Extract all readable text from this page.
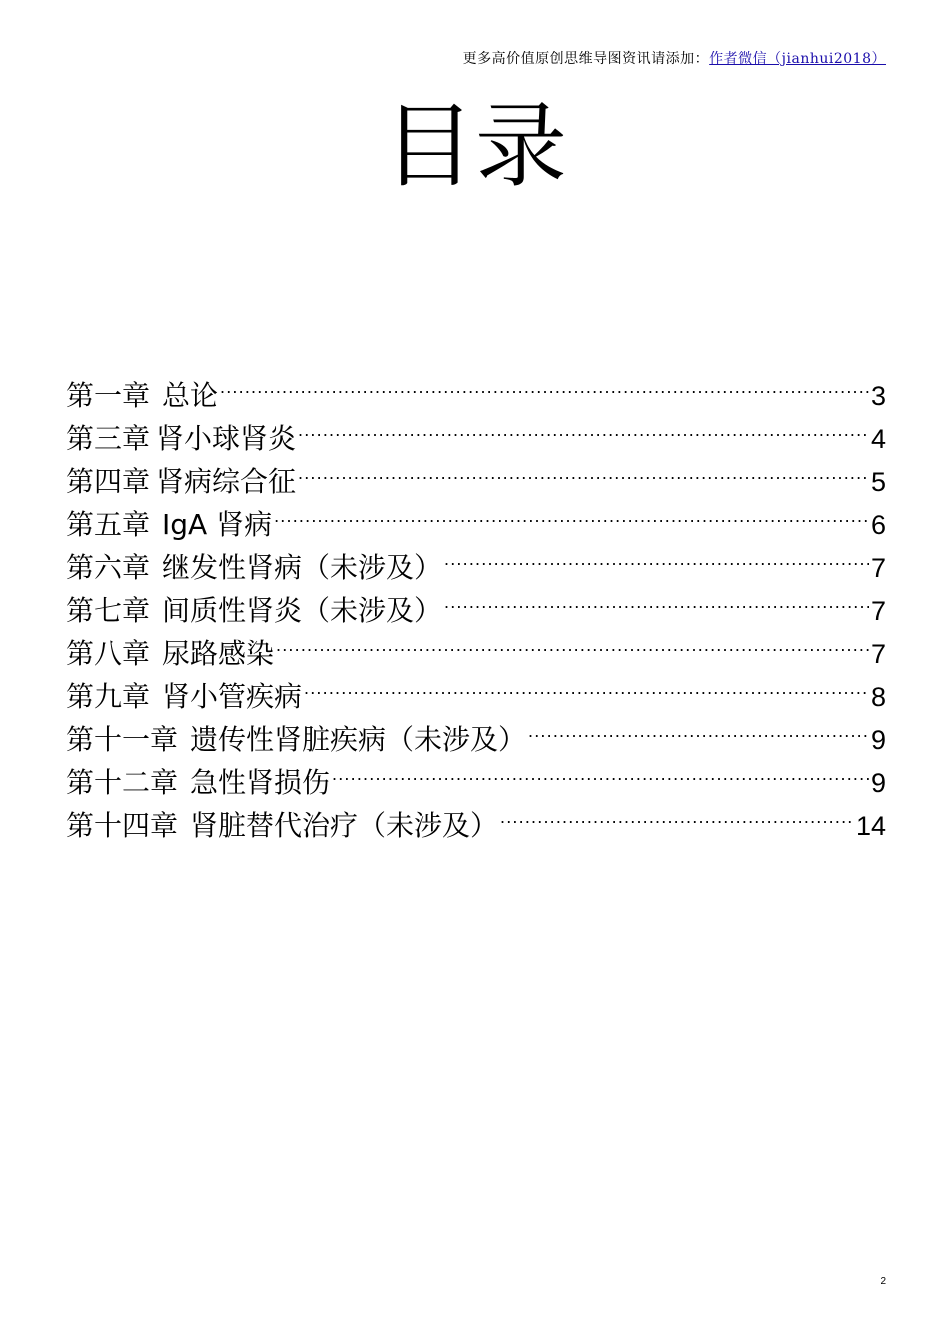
更多高价值原创思维导图资讯请添加：作者微信（jianhui2018）
目录
第一章 总论 .....	3
第三章 肾小球肾炎 .....	4
第四章 肾病综合征 .....	5
第五章 IgA 肾病 .....	6
第六章 继发性肾病（未涉及） .....	7
第七章 间质性肾炎（未涉及） .....	7
第八章 尿路感染 .....	7
第九章 肾小管疾病 .....	8
第十一章 遗传性肾脏疾病（未涉及） .....	9
第十二章 急性肾损伤 .....	9
第十四章 肾脏替代治疗（未涉及） .....	14
2
